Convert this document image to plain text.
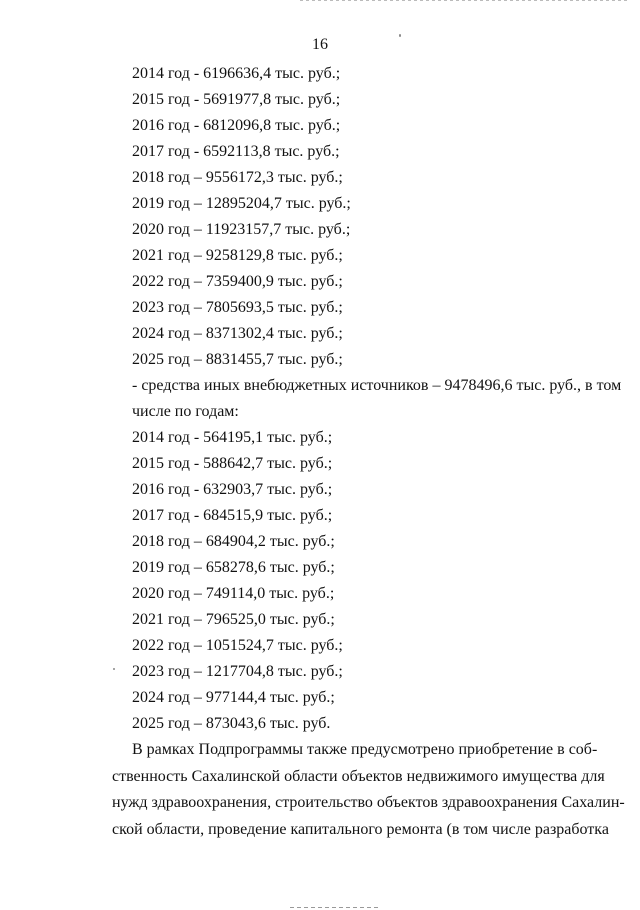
16
2014 год - 6196636,4 тыс. руб.;
2015 год - 5691977,8 тыс. руб.;
2016 год - 6812096,8 тыс. руб.;
2017 год - 6592113,8 тыс. руб.;
2018 год – 9556172,3 тыс. руб.;
2019 год – 12895204,7 тыс. руб.;
2020 год – 11923157,7 тыс. руб.;
2021 год – 9258129,8 тыс. руб.;
2022 год – 7359400,9 тыс. руб.;
2023 год – 7805693,5 тыс. руб.;
2024 год – 8371302,4 тыс. руб.;
2025 год – 8831455,7 тыс. руб.;
- средства иных внебюджетных источников – 9478496,6 тыс. руб., в том
числе по годам:
2014 год - 564195,1 тыс. руб.;
2015 год - 588642,7 тыс. руб.;
2016 год - 632903,7 тыс. руб.;
2017 год - 684515,9 тыс. руб.;
2018 год – 684904,2 тыс. руб.;
2019 год – 658278,6 тыс. руб.;
2020 год – 749114,0 тыс. руб.;
2021 год – 796525,0 тыс. руб.;
2022 год – 1051524,7 тыс. руб.;
2023 год – 1217704,8 тыс. руб.;
2024 год – 977144,4 тыс. руб.;
2025 год – 873043,6 тыс. руб.
В рамках Подпрограммы также предусмотрено приобретение в соб-
ственность Сахалинской области объектов недвижимого имущества для
нужд здравоохранения, строительство объектов здравоохранения Сахалин-
ской области, проведение капитального ремонта (в том числе разработка
